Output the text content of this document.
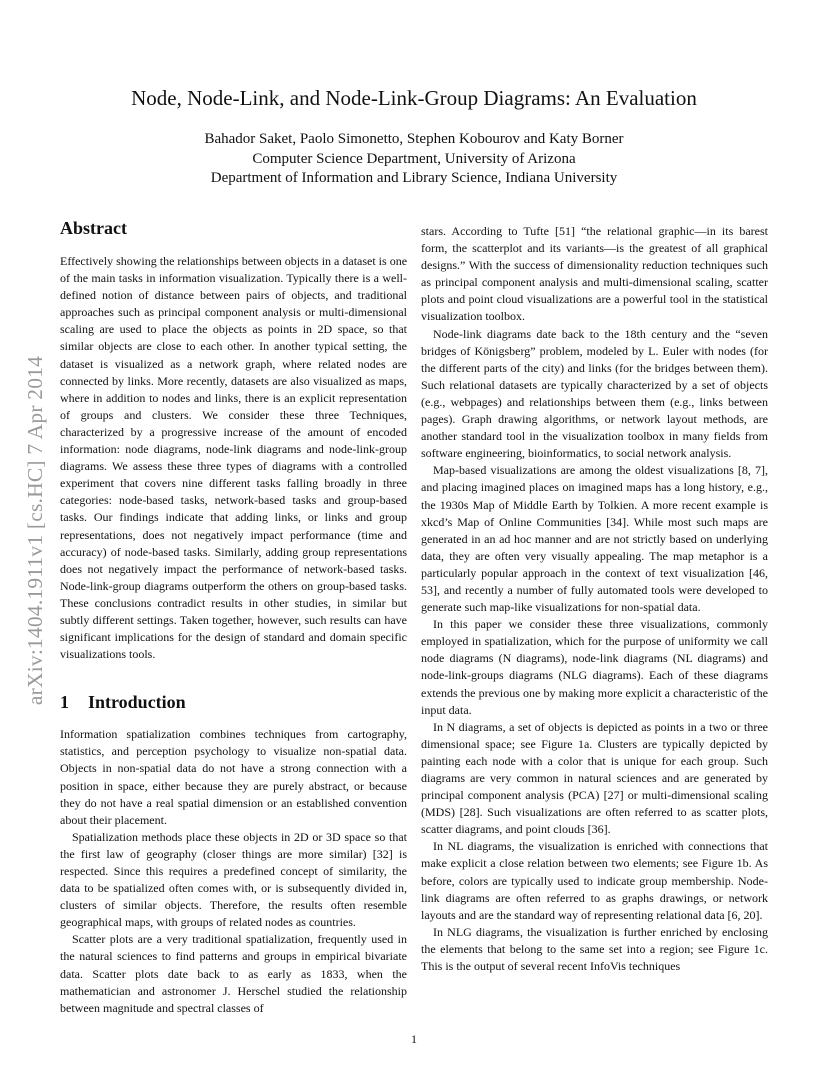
arXiv:1404.1911v1 [cs.HC] 7 Apr 2014
Node, Node-Link, and Node-Link-Group Diagrams: An Evaluation
Bahador Saket, Paolo Simonetto, Stephen Kobourov and Katy Borner
Computer Science Department, University of Arizona
Department of Information and Library Science, Indiana University
Abstract

Effectively showing the relationships between objects in a dataset is one of the main tasks in information visualization. Typically there is a well-defined notion of distance between pairs of objects, and traditional approaches such as principal component analysis or multi-dimensional scaling are used to place the objects as points in 2D space, so that similar objects are close to each other. In another typical setting, the dataset is visualized as a network graph, where related nodes are connected by links. More recently, datasets are also visualized as maps, where in addition to nodes and links, there is an explicit representation of groups and clusters. We consider these three Techniques, characterized by a progressive increase of the amount of encoded information: node diagrams, node-link diagrams and node-link-group diagrams. We assess these three types of diagrams with a controlled experiment that covers nine different tasks falling broadly in three categories: node-based tasks, network-based tasks and group-based tasks. Our findings indicate that adding links, or links and group representations, does not negatively impact performance (time and accuracy) of node-based tasks. Similarly, adding group representations does not negatively impact the performance of network-based tasks. Node-link-group diagrams outperform the others on group-based tasks. These conclusions contradict results in other studies, in similar but subtly different settings. Taken together, however, such results can have significant implications for the design of standard and domain specific visualizations tools.

1 Introduction

Information spatialization combines techniques from cartography, statistics, and perception psychology to visualize non-spatial data. Objects in non-spatial data do not have a strong connection with a position in space, either because they are purely abstract, or because they do not have a real spatial dimension or an established convention about their placement.

Spatialization methods place these objects in 2D or 3D space so that the first law of geography (closer things are more similar) [32] is respected. Since this requires a predefined concept of similarity, the data to be spatialized often comes with, or is subsequently divided in, clusters of similar objects. Therefore, the results often resemble geographical maps, with groups of related nodes as countries.

Scatter plots are a very traditional spatialization, frequently used in the natural sciences to find patterns and groups in empirical bivariate data. Scatter plots date back to as early as 1833, when the mathematician and astronomer J. Herschel studied the relationship between magnitude and spectral classes of

stars. According to Tufte [51] “the relational graphic—in its barest form, the scatterplot and its variants—is the greatest of all graphical designs.” With the success of dimensionality reduction techniques such as principal component analysis and multi-dimensional scaling, scatter plots and point cloud visualizations are a powerful tool in the statistical visualization toolbox.

Node-link diagrams date back to the 18th century and the “seven bridges of Königsberg” problem, modeled by L. Euler with nodes (for the different parts of the city) and links (for the bridges between them). Such relational datasets are typically characterized by a set of objects (e.g., webpages) and relationships between them (e.g., links between pages). Graph drawing algorithms, or network layout methods, are another standard tool in the visualization toolbox in many fields from software engineering, bioinformatics, to social network analysis.

Map-based visualizations are among the oldest visualizations [8, 7], and placing imagined places on imagined maps has a long history, e.g., the 1930s Map of Middle Earth by Tolkien. A more recent example is xkcd’s Map of Online Communities [34]. While most such maps are generated in an ad hoc manner and are not strictly based on underlying data, they are often very visually appealing. The map metaphor is a particularly popular approach in the context of text visualization [46, 53], and recently a number of fully automated tools were developed to generate such map-like visualizations for non-spatial data.

In this paper we consider these three visualizations, commonly employed in spatialization, which for the purpose of uniformity we call node diagrams (N diagrams), node-link diagrams (NL diagrams) and node-link-groups diagrams (NLG diagrams). Each of these diagrams extends the previous one by making more explicit a characteristic of the input data.

In N diagrams, a set of objects is depicted as points in a two or three dimensional space; see Figure 1a. Clusters are typically depicted by painting each node with a color that is unique for each group. Such diagrams are very common in natural sciences and are generated by principal component analysis (PCA) [27] or multi-dimensional scaling (MDS) [28]. Such visualizations are often referred to as scatter plots, scatter diagrams, and point clouds [36].

In NL diagrams, the visualization is enriched with connections that make explicit a close relation between two elements; see Figure 1b. As before, colors are typically used to indicate group membership. Node-link diagrams are often referred to as graphs drawings, or network layouts and are the standard way of representing relational data [6, 20].

In NLG diagrams, the visualization is further enriched by enclosing the elements that belong to the same set into a region; see Figure 1c. This is the output of several recent InfoVis techniques

1
